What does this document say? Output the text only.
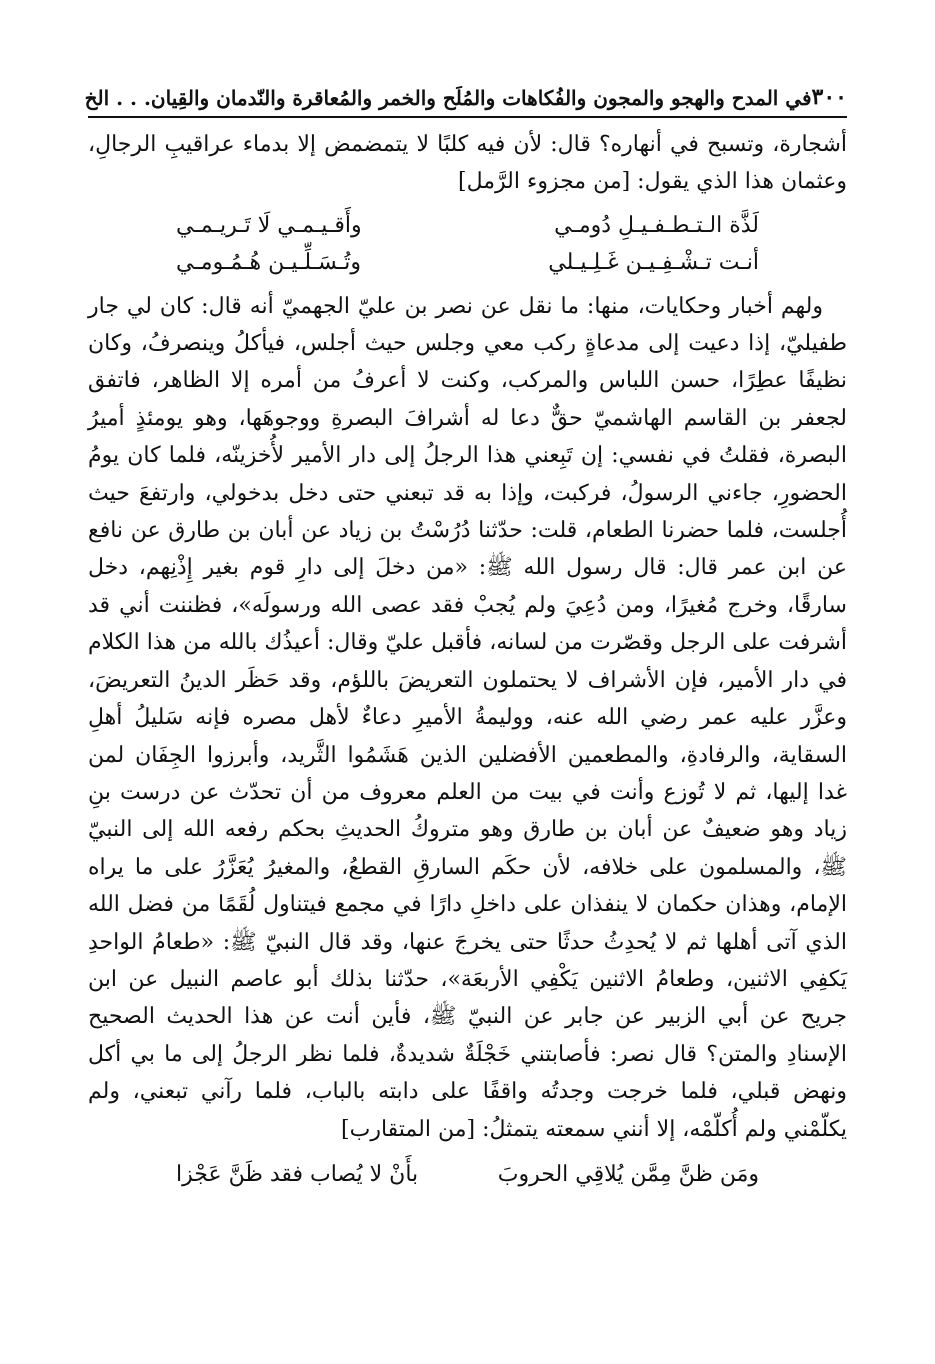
٣٠٠
في المدح والهجو والمجون والفُكاهات والمُلَح والخمر والمُعاقرة والنّدمان والقِيان. . . الخ

أشجارة، وتسبح في أنهاره؟ قال: لأن فيه كلبًا لا يتمضمض إلا بدماء عراقيبِ الرجالِ، وعثمان هذا الذي يقول: [من مجزوء الرَّمل]

لَذَّة الـتـطـفـيـلِ دُومـي
وأَقـيـمـي لَا تَـريـمـي

أنـت تـشْـفِـيـن غَـلِـيـلي
وتُـسَـلِّـيـن هُـمُـومـي

ولهم أخبار وحكايات، منها: ما نقل عن نصر بن عليّ الجهميّ أنه قال: كان لي جار طفيليّ، إذا دعيت إلى مدعاةٍ ركب معي وجلس حيث أجلس، فيأكلُ وينصرفُ، وكان نظيفًا عطِرًا، حسن اللباس والمركب، وكنت لا أعرفُ من أمره إلا الظاهر، فاتفق لجعفر بن القاسم الهاشميّ حقٌّ دعا له أشرافَ البصرةِ ووجوهَها، وهو يومئذٍ أميرُ البصرة، فقلتُ في نفسي: إن تَبِعني هذا الرجلُ إلى دار الأمير لأُخزينّه، فلما كان يومُ الحضورِ، جاءني الرسولُ، فركبت، وإذا به قد تبعني حتى دخل بدخولي، وارتفعَ حيث أُجلست، فلما حضرنا الطعام، قلت: حدّثنا دُرُسْتُ بن زياد عن أبان بن طارق عن نافع عن ابن عمر قال: قال رسول الله ﷺ: «من دخلَ إلى دارِ قوم بغير إِذْنِهم، دخل سارقًا، وخرج مُغيرًا، ومن دُعِيَ ولم يُجبْ فقد عصى الله ورسولَه»، فظننت أني قد أشرفت على الرجل وقصّرت من لسانه، فأقبل عليّ وقال: أعيذُك بالله من هذا الكلام في دار الأمير، فإن الأشراف لا يحتملون التعريضَ باللؤم، وقد حَظَر الدينُ التعريضَ، وعزَّر عليه عمر رضي الله عنه، ووليمةُ الأميرِ دعاءٌ لأهل مصره فإنه سَليلُ أهلِ السقاية، والرفادةِ، والمطعمين الأفضلين الذين هَشَمُوا الثَّريد، وأبرزوا الجِفَان لمن غدا إليها، ثم لا تُوزع وأنت في بيت من العلم معروف من أن تحدّث عن درست بنِ زياد وهو ضعيفٌ عن أبان بن طارق وهو متروكُ الحديثِ بحكم رفعه الله إلى النبيّ ﷺ، والمسلمون على خلافه، لأن حكَم السارقِ القطعُ، والمغيرُ يُعَزَّرُ على ما يراه الإمام، وهذان حكمان لا ينفذان على داخلِ دارًا في مجمع فيتناول لُقَمًا من فضل الله الذي آتى أهلها ثم لا يُحدِثُ حدثًا حتى يخرجَ عنها، وقد قال النبيّ ﷺ: «طعامُ الواحدِ يَكفِي الاثنين، وطعامُ الاثنين يَكْفِي الأربعَة»، حدّثنا بذلك أبو عاصم النبيل عن ابن جريح عن أبي الزبير عن جابر عن النبيّ ﷺ، فأين أنت عن هذا الحديث الصحيح الإسنادِ والمتن؟ قال نصر: فأصابتني خَجْلَةٌ شديدةٌ، فلما نظر الرجلُ إلى ما بي أكل ونهض قبلي، فلما خرجت وجدتُه واقفًا على دابته بالباب، فلما رآني تبعني، ولم يكلّمْني ولم أُكلّمْه، إلا أنني سمعته يتمثلُ: [من المتقارب]

ومَن ظنَّ مِمَّن يُلاقِي الحروبَ
بأَنْ لا يُصاب فقد ظَنَّ عَجْزا
